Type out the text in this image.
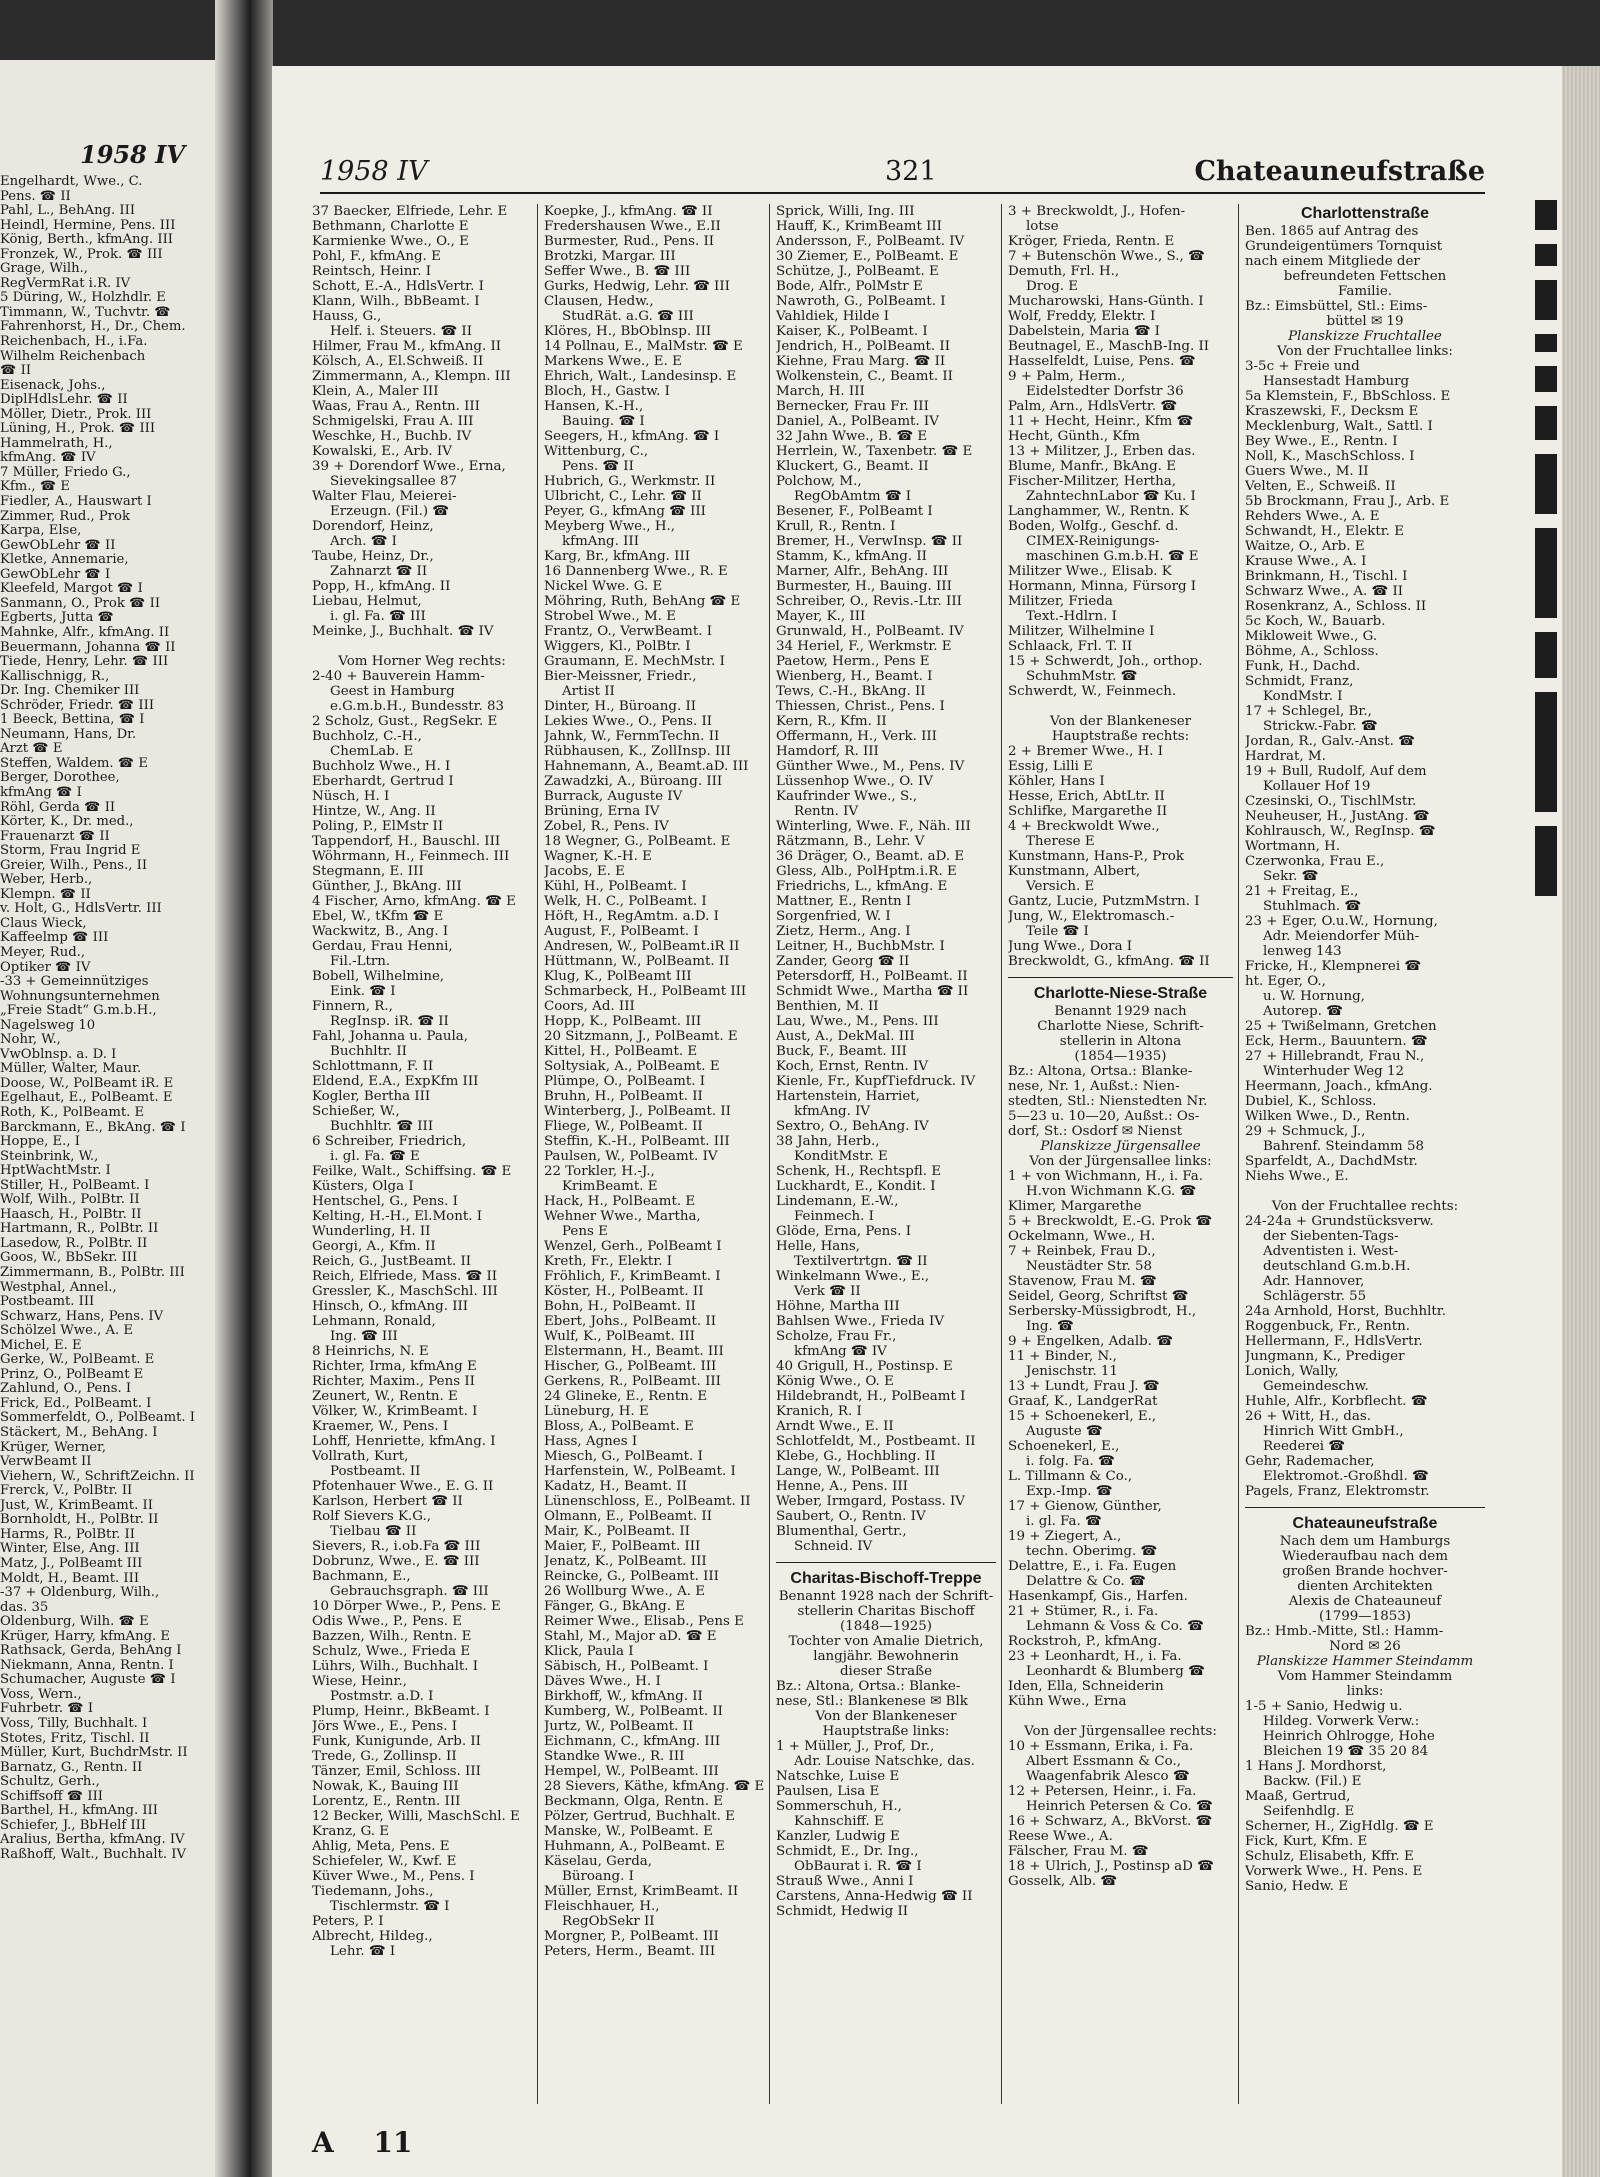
1958 IV
Engelhardt, Wwe., C.
Pens. ☎ II
Pahl, L., BehAng. III
Heindl, Hermine, Pens. III
König, Berth., kfmAng. III
Fronzek, W., Prok. ☎ III
Grage, Wilh.,
RegVermRat i.R. IV
5 Düring, W., Holzhdlr. E
Timmann, W., Tuchvtr. ☎
Fahrenhorst, H., Dr., Chem.
Reichenbach, H., i.Fa.
Wilhelm Reichenbach
☎ II
Eisenack, Johs.,
DiplHdlsLehr. ☎ II
Möller, Dietr., Prok. III
Lüning, H., Prok. ☎ III
Hammelrath, H.,
kfmAng. ☎ IV
7 Müller, Friedo G.,
Kfm., ☎ E
Fiedler, A., Hauswart I
Zimmer, Rud., Prok
Karpa, Else,
GewObLehr ☎ II
Kletke, Annemarie,
GewObLehr ☎ I
Kleefeld, Margot ☎ I
Sanmann, O., Prok ☎ II
Egberts, Jutta ☎
Mahnke, Alfr., kfmAng. II
Beuermann, Johanna ☎ II
Tiede, Henry, Lehr. ☎ III
Kallischnigg, R.,
Dr. Ing. Chemiker III
Schröder, Friedr. ☎ III
1 Beeck, Bettina, ☎ I
Neumann, Hans, Dr.
Arzt ☎ E
Steffen, Waldem. ☎ E
Berger, Dorothee,
kfmAng ☎ I
Röhl, Gerda ☎ II
Körter, K., Dr. med.,
Frauenarzt ☎ II
Storm, Frau Ingrid E
Greier, Wilh., Pens., II
Weber, Herb.,
Klempn. ☎ II
v. Holt, G., HdlsVertr. III
Claus Wieck,
Kaffeelmp ☎ III
Meyer, Rud.,
Optiker ☎ IV
-33 + Gemeinnütziges
Wohnungsunternehmen
„Freie Stadt“ G.m.b.H.,
Nagelsweg 10
Nohr, W.,
VwOblnsp. a. D. I
Müller, Walter, Maur.
Doose, W., PolBeamt iR. E
Egelhaut, E., PolBeamt. E
Roth, K., PolBeamt. E
Barckmann, E., BkAng. ☎ I
Hoppe, E., I
Steinbrink, W.,
HptWachtMstr. I
Stiller, H., PolBeamt. I
Wolf, Wilh., PolBtr. II
Haasch, H., PolBtr. II
Hartmann, R., PolBtr. II
Lasedow, R., PolBtr. II
Goos, W., BbSekr. III
Zimmermann, B., PolBtr. III
Westphal, Annel.,
Postbeamt. III
Schwarz, Hans, Pens. IV
Schölzel Wwe., A. E
Michel, E. E
Gerke, W., PolBeamt. E
Prinz, O., PolBeamt E
Zahlund, O., Pens. I
Frick, Ed., PolBeamt. I
Sommerfeldt, O., PolBeamt. I
Stäckert, M., BehAng. I
Krüger, Werner,
VerwBeamt II
Viehern, W., SchriftZeichn. II
Frerck, V., PolBtr. II
Just, W., KrimBeamt. II
Bornholdt, H., PolBtr. II
Harms, R., PolBtr. II
Winter, Else, Ang. III
Matz, J., PolBeamt III
Moldt, H., Beamt. III
-37 + Oldenburg, Wilh.,
das. 35
Oldenburg, Wilh. ☎ E
Krüger, Harry, kfmAng. E
Rathsack, Gerda, BehAng I
Niekmann, Anna, Rentn. I
Schumacher, Auguste ☎ I
Voss, Wern.,
Fuhrbetr. ☎ I
Voss, Tilly, Buchhalt. I
Stotes, Fritz, Tischl. II
Müller, Kurt, BuchdrMstr. II
Barnatz, G., Rentn. II
Schultz, Gerh.,
Schiffsoff ☎ III
Barthel, H., kfmAng. III
Schiefer, J., BbHelf III
Aralius, Bertha, kfmAng. IV
Raßhoff, Walt., Buchhalt. IV
1958 IV	321	Chateauneufstraße
37 Baecker, Elfriede, Lehr. E
Bethmann, Charlotte E
Karmienke Wwe., O., E
Pohl, F., kfmAng. E
Reintsch, Heinr. I
Schott, E.-A., HdlsVertr. I
Klann, Wilh., BbBeamt. I
Hauss, G.,
Helf. i. Steuers. ☎ II
Hilmer, Frau M., kfmAng. II
Kölsch, A., El.Schweiß. II
Zimmermann, A., Klempn. III
Klein, A., Maler III
Waas, Frau A., Rentn. III
Schmigelski, Frau A. III
Weschke, H., Buchb. IV
Kowalski, E., Arb. IV
39 + Dorendorf Wwe., Erna,
Sievekingsallee 87
Walter Flau, Meierei-
Erzeugn. (Fil.) ☎
Dorendorf, Heinz,
Arch. ☎ I
Taube, Heinz, Dr.,
Zahnarzt ☎ II
Popp, H., kfmAng. II
Liebau, Helmut,
i. gl. Fa. ☎ III
Meinke, J., Buchhalt. ☎ IV
Vom Horner Weg rechts:
2-40 + Bauverein Hamm-
Geest in Hamburg
e.G.m.b.H., Bundesstr. 83
2 Scholz, Gust., RegSekr. E
Buchholz, C.-H.,
ChemLab. E
Buchholz Wwe., H. I
Eberhardt, Gertrud I
Nüsch, H. I
Hintze, W., Ang. II
Poling, P., ElMstr II
Tappendorf, H., Bauschl. III
Wöhrmann, H., Feinmech. III
Stegmann, E. III
Günther, J., BkAng. III
4 Fischer, Arno, kfmAng. ☎ E
Ebel, W., tKfm ☎ E
Wackwitz, B., Ang. I
Gerdau, Frau Henni,
Fil.-Ltrn.
Bobell, Wilhelmine,
Eink. ☎ I
Finnern, R.,
RegInsp. iR. ☎ II
Fahl, Johanna u. Paula,
Buchhltr. II
Schlottmann, F. II
Eldend, E.A., ExpKfm III
Kogler, Bertha III
Schießer, W.,
Buchhltr. ☎ III
6 Schreiber, Friedrich,
i. gl. Fa. ☎ E
Feilke, Walt., Schiffsing. ☎ E
Küsters, Olga I
Hentschel, G., Pens. I
Kelting, H.-H., El.Mont. I
Wunderling, H. II
Georgi, A., Kfm. II
Reich, G., JustBeamt. II
Reich, Elfriede, Mass. ☎ II
Gressler, K., MaschSchl. III
Hinsch, O., kfmAng. III
Lehmann, Ronald,
Ing. ☎ III
8 Heinrichs, N. E
Richter, Irma, kfmAng E
Richter, Maxim., Pens II
Zeunert, W., Rentn. E
Völker, W., KrimBeamt. I
Kraemer, W., Pens. I
Lohff, Henriette, kfmAng. I
Vollrath, Kurt,
Postbeamt. II
Pfotenhauer Wwe., E. G. II
Karlson, Herbert ☎ II
Rolf Sievers K.G.,
Tielbau ☎ II
Sievers, R., i.ob.Fa ☎ III
Dobrunz, Wwe., E. ☎ III
Bachmann, E.,
Gebrauchsgraph. ☎ III
10 Dörper Wwe., P., Pens. E
Odis Wwe., P., Pens. E
Bazzen, Wilh., Rentn. E
Schulz, Wwe., Frieda E
Lührs, Wilh., Buchhalt. I
Wiese, Heinr.,
Postmstr. a.D. I
Plump, Heinr., BkBeamt. I
Jörs Wwe., E., Pens. I
Funk, Kunigunde, Arb. II
Trede, G., Zollinsp. II
Tänzer, Emil, Schloss. III
Nowak, K., Bauing III
Lorentz, E., Rentn. III
12 Becker, Willi, MaschSchl. E
Kranz, G. E
Ahlig, Meta, Pens. E
Schiefeler, W., Kwf. E
Küver Wwe., M., Pens. I
Tiedemann, Johs.,
Tischlermstr. ☎ I
Peters, P. I
Albrecht, Hildeg.,
Lehr. ☎ I
Koepke, J., kfmAng. ☎ II
Fredershausen Wwe., E.II
Burmester, Rud., Pens. II
Brotzki, Margar. III
Seffer Wwe., B. ☎ III
Gurks, Hedwig, Lehr. ☎ III
Clausen, Hedw.,
StudRät. a.G. ☎ III
Klöres, H., BbOblnsp. III
14 Pollnau, E., MalMstr. ☎ E
Markens Wwe., E. E
Ehrich, Walt., Landesinsp. E
Bloch, H., Gastw. I
Hansen, K.-H.,
Bauing. ☎ I
Seegers, H., kfmAng. ☎ I
Wittenburg, C.,
Pens. ☎ II
Hubrich, G., Werkmstr. II
Ulbricht, C., Lehr. ☎ II
Peyer, G., kfmAng ☎ III
Meyberg Wwe., H.,
kfmAng. III
Karg, Br., kfmAng. III
16 Dannenberg Wwe., R. E
Nickel Wwe. G. E
Möhring, Ruth, BehAng ☎ E
Strobel Wwe., M. E
Frantz, O., VerwBeamt. I
Wiggers, Kl., PolBtr. I
Graumann, E. MechMstr. I
Bier-Meissner, Friedr.,
Artist II
Dinter, H., Büroang. II
Lekies Wwe., O., Pens. II
Jahnk, W., FernmTechn. II
Rübhausen, K., ZollInsp. III
Hahnemann, A., Beamt.aD. III
Zawadzki, A., Büroang. III
Burrack, Auguste IV
Brüning, Erna IV
Zobel, R., Pens. IV
18 Wegner, G., PolBeamt. E
Wagner, K.-H. E
Jacobs, E. E
Kühl, H., PolBeamt. I
Welk, H. C., PolBeamt. I
Höft, H., RegAmtm. a.D. I
August, F., PolBeamt. I
Andresen, W., PolBeamt.iR II
Hüttmann, W., PolBeamt. II
Klug, K., PolBeamt III
Schmarbeck, H., PolBeamt III
Coors, Ad. III
Hopp, K., PolBeamt. III
20 Sitzmann, J., PolBeamt. E
Kittel, H., PolBeamt. E
Soltysiak, A., PolBeamt. E
Plümpe, O., PolBeamt. I
Bruhn, H., PolBeamt. II
Winterberg, J., PolBeamt. II
Fliege, W., PolBeamt. II
Steffin, K.-H., PolBeamt. III
Paulsen, W., PolBeamt. IV
22 Torkler, H.-J.,
KrimBeamt. E
Hack, H., PolBeamt. E
Wehner Wwe., Martha,
Pens E
Wenzel, Gerh., PolBeamt I
Kreth, Fr., Elektr. I
Fröhlich, F., KrimBeamt. I
Köster, H., PolBeamt. II
Bohn, H., PolBeamt. II
Ebert, Johs., PolBeamt. II
Wulf, K., PolBeamt. III
Elstermann, H., Beamt. III
Hischer, G., PolBeamt. III
Gerkens, R., PolBeamt. III
24 Glineke, E., Rentn. E
Lüneburg, H. E
Bloss, A., PolBeamt. E
Hass, Agnes I
Miesch, G., PolBeamt. I
Harfenstein, W., PolBeamt. I
Kadatz, H., Beamt. II
Lünenschloss, E., PolBeamt. II
Olmann, E., PolBeamt. II
Mair, K., PolBeamt. II
Maier, F., PolBeamt. III
Jenatz, K., PolBeamt. III
Reincke, G., PolBeamt. III
26 Wollburg Wwe., A. E
Fänger, G., BkAng. E
Reimer Wwe., Elisab., Pens E
Stahl, M., Major aD. ☎ E
Klick, Paula I
Säbisch, H., PolBeamt. I
Däves Wwe., H. I
Birkhoff, W., kfmAng. II
Kumberg, W., PolBeamt. II
Jurtz, W., PolBeamt. II
Eichmann, C., kfmAng. III
Standke Wwe., R. III
Hempel, W., PolBeamt. III
28 Sievers, Käthe, kfmAng. ☎ E
Beckmann, Olga, Rentn. E
Pölzer, Gertrud, Buchhalt. E
Manske, W., PolBeamt. E
Huhmann, A., PolBeamt. E
Käselau, Gerda,
Büroang. I
Müller, Ernst, KrimBeamt. II
Fleischhauer, H.,
RegObSekr II
Morgner, P., PolBeamt. III
Peters, Herm., Beamt. III
Sprick, Willi, Ing. III
Hauff, K., KrimBeamt III
Andersson, F., PolBeamt. IV
30 Ziemer, E., PolBeamt. E
Schütze, J., PolBeamt. E
Bode, Alfr., PolMstr E
Nawroth, G., PolBeamt. I
Vahldiek, Hilde I
Kaiser, K., PolBeamt. I
Jendrich, H., PolBeamt. II
Kiehne, Frau Marg. ☎ II
Wolkenstein, C., Beamt. II
March, H. III
Bernecker, Frau Fr. III
Daniel, A., PolBeamt. IV
32 Jahn Wwe., B. ☎ E
Herrlein, W., Taxenbetr. ☎ E
Kluckert, G., Beamt. II
Polchow, M.,
RegObAmtm ☎ I
Besener, F., PolBeamt I
Krull, R., Rentn. I
Bremer, H., VerwInsp. ☎ II
Stamm, K., kfmAng. II
Marner, Alfr., BehAng. III
Burmester, H., Bauing. III
Schreiber, O., Revis.-Ltr. III
Mayer, K., III
Grunwald, H., PolBeamt. IV
34 Heriel, F., Werkmstr. E
Paetow, Herm., Pens E
Wienberg, H., Beamt. I
Tews, C.-H., BkAng. II
Thiessen, Christ., Pens. I
Kern, R., Kfm. II
Offermann, H., Verk. III
Hamdorf, R. III
Günther Wwe., M., Pens. IV
Lüssenhop Wwe., O. IV
Kaufrinder Wwe., S.,
Rentn. IV
Winterling, Wwe. F., Näh. III
Rätzmann, B., Lehr. V
36 Dräger, O., Beamt. aD. E
Gless, Alb., PolHptm.i.R. E
Friedrichs, L., kfmAng. E
Mattner, E., Rentn I
Sorgenfried, W. I
Zietz, Herm., Ang. I
Leitner, H., BuchbMstr. I
Zander, Georg ☎ II
Petersdorff, H., PolBeamt. II
Schmidt Wwe., Martha ☎ II
Benthien, M. II
Lau, Wwe., M., Pens. III
Aust, A., DekMal. III
Buck, F., Beamt. III
Koch, Ernst, Rentn. IV
Kienle, Fr., KupfTiefdruck. IV
Hartenstein, Harriet,
kfmAng. IV
Sextro, O., BehAng. IV
38 Jahn, Herb.,
KonditMstr. E
Schenk, H., Rechtspfl. E
Luckhardt, E., Kondit. I
Lindemann, E.-W.,
Feinmech. I
Glöde, Erna, Pens. I
Helle, Hans,
Textilvertrtgn. ☎ II
Winkelmann Wwe., E.,
Verk ☎ II
Höhne, Martha III
Bahlsen Wwe., Frieda IV
Scholze, Frau Fr.,
kfmAng ☎ IV
40 Grigull, H., Postinsp. E
König Wwe., O. E
Hildebrandt, H., PolBeamt I
Kranich, R. I
Arndt Wwe., E. II
Schlotfeldt, M., Postbeamt. II
Klebe, G., Hochbling. II
Lange, W., PolBeamt. III
Henne, A., Pens. III
Weber, Irmgard, Postass. IV
Saubert, O., Rentn. IV
Blumenthal, Gertr.,
Schneid. IV
Charitas-Bischoff-Treppe
Benannt 1928 nach der Schrift-
stellerin Charitas Bischoff
(1848—1925)
Tochter von Amalie Dietrich,
langjähr. Bewohnerin
dieser Straße
Bz.: Altona, Ortsa.: Blanke-
nese, Stl.: Blankenese ✉ Blk
Von der Blankeneser
Hauptstraße links:
1 + Müller, J., Prof, Dr.,
Adr. Louise Natschke, das.
Natschke, Luise E
Paulsen, Lisa E
Sommerschuh, H.,
Kahnschiff. E
Kanzler, Ludwig E
Schmidt, E., Dr. Ing.,
ObBaurat i. R. ☎ I
Strauß Wwe., Anni I
Carstens, Anna-Hedwig ☎ II
Schmidt, Hedwig II
3 + Breckwoldt, J., Hofen-
lotse
Kröger, Frieda, Rentn. E
7 + Butenschön Wwe., S., ☎
Demuth, Frl. H.,
Drog. E
Mucharowski, Hans-Günth. I
Wolf, Freddy, Elektr. I
Dabelstein, Maria ☎ I
Beutnagel, E., MaschB-Ing. II
Hasselfeldt, Luise, Pens. ☎
9 + Palm, Herm.,
Eidelstedter Dorfstr 36
Palm, Arn., HdlsVertr. ☎
11 + Hecht, Heinr., Kfm ☎
Hecht, Günth., Kfm
13 + Militzer, J., Erben das.
Blume, Manfr., BkAng. E
Fischer-Militzer, Hertha,
ZahntechnLabor ☎ Ku. I
Langhammer, W., Rentn. K
Boden, Wolfg., Geschf. d.
CIMEX-Reinigungs-
maschinen G.m.b.H. ☎ E
Militzer Wwe., Elisab. K
Hormann, Minna, Fürsorg I
Militzer, Frieda
Text.-Hdlrn. I
Militzer, Wilhelmine I
Schlaack, Frl. T. II
15 + Schwerdt, Joh., orthop.
SchuhmMstr. ☎
Schwerdt, W., Feinmech.
Von der Blankeneser
Hauptstraße rechts:
2 + Bremer Wwe., H. I
Essig, Lilli E
Köhler, Hans I
Hesse, Erich, AbtLtr. II
Schlifke, Margarethe II
4 + Breckwoldt Wwe.,
Therese E
Kunstmann, Hans-P., Prok
Kunstmann, Albert,
Versich. E
Gantz, Lucie, PutzmMstrn. I
Jung, W., Elektromasch.-
Teile ☎ I
Jung Wwe., Dora I
Breckwoldt, G., kfmAng. ☎ II
Charlotte-Niese-Straße
Benannt 1929 nach
Charlotte Niese, Schrift-
stellerin in Altona
(1854—1935)
Bz.: Altona, Ortsa.: Blanke-
nese, Nr. 1, Außst.: Nien-
stedten, Stl.: Nienstedten Nr.
5—23 u. 10—20, Außst.: Os-
dorf, St.: Osdorf ✉ Nienst
Planskizze Jürgensallee
Von der Jürgensallee links:
1 + von Wichmann, H., i. Fa.
H.von Wichmann K.G. ☎
Klimer, Margarethe
5 + Breckwoldt, E.-G. Prok ☎
Ockelmann, Wwe., H.
7 + Reinbek, Frau D.,
Neustädter Str. 58
Stavenow, Frau M. ☎
Seidel, Georg, Schriftst ☎
Serbersky-Müssigbrodt, H.,
Ing. ☎
9 + Engelken, Adalb. ☎
11 + Binder, N.,
Jenischstr. 11
13 + Lundt, Frau J. ☎
Graaf, K., LandgerRat
15 + Schoenekerl, E.,
Auguste ☎
Schoenekerl, E.,
i. folg. Fa. ☎
L. Tillmann & Co.,
Exp.-Imp. ☎
17 + Gienow, Günther,
i. gl. Fa. ☎
19 + Ziegert, A.,
techn. Oberimg. ☎
Delattre, E., i. Fa. Eugen
Delattre & Co. ☎
Hasenkampf, Gis., Harfen.
21 + Stümer, R., i. Fa.
Lehmann & Voss & Co. ☎
Rockstroh, P., kfmAng.
23 + Leonhardt, H., i. Fa.
Leonhardt & Blumberg ☎
Iden, Ella, Schneiderin
Kühn Wwe., Erna
Von der Jürgensallee rechts:
10 + Essmann, Erika, i. Fa.
Albert Essmann & Co.,
Waagenfabrik Alesco ☎
12 + Petersen, Heinr., i. Fa.
Heinrich Petersen & Co. ☎
16 + Schwarz, A., BkVorst. ☎
Reese Wwe., A.
Fälscher, Frau M. ☎
18 + Ulrich, J., Postinsp aD ☎
Gosselk, Alb. ☎
Charlottenstraße
Ben. 1865 auf Antrag des
Grundeigentümers Tornquist
nach einem Mitgliede der
befreundeten Fettschen
Familie.
Bz.: Eimsbüttel, Stl.: Eims-
büttel ✉ 19
Planskizze Fruchtallee
Von der Fruchtallee links:
3-5c + Freie und
Hansestadt Hamburg
5a Klemstein, F., BbSchloss. E
Kraszewski, F., Decksm E
Mecklenburg, Walt., Sattl. I
Bey Wwe., E., Rentn. I
Noll, K., MaschSchloss. I
Guers Wwe., M. II
Velten, E., Schweiß. II
5b Brockmann, Frau J., Arb. E
Rehders Wwe., A. E
Schwandt, H., Elektr. E
Waitze, O., Arb. E
Krause Wwe., A. I
Brinkmann, H., Tischl. I
Schwarz Wwe., A. ☎ II
Rosenkranz, A., Schloss. II
5c Koch, W., Bauarb.
Mikloweit Wwe., G.
Böhme, A., Schloss.
Funk, H., Dachd.
Schmidt, Franz,
KondMstr. I
17 + Schlegel, Br.,
Strickw.-Fabr. ☎
Jordan, R., Galv.-Anst. ☎
Hardrat, M.
19 + Bull, Rudolf, Auf dem
Kollauer Hof 19
Czesinski, O., TischlMstr.
Neuheuser, H., JustAng. ☎
Kohlrausch, W., RegInsp. ☎
Wortmann, H.
Czerwonka, Frau E.,
Sekr. ☎
21 + Freitag, E.,
Stuhlmach. ☎
23 + Eger, O.u.W., Hornung,
Adr. Meiendorfer Müh-
lenweg 143
Fricke, H., Klempnerei ☎
ht. Eger, O.,
u. W. Hornung,
Autorep. ☎
25 + Twißelmann, Gretchen
Eck, Herm., Bauuntern. ☎
27 + Hillebrandt, Frau N.,
Winterhuder Weg 12
Heermann, Joach., kfmAng.
Dubiel, K., Schloss.
Wilken Wwe., D., Rentn.
29 + Schmuck, J.,
Bahrenf. Steindamm 58
Sparfeldt, A., DachdMstr.
Niehs Wwe., E.
Von der Fruchtallee rechts:
24-24a + Grundstücksverw.
der Siebenten-Tags-
Adventisten i. West-
deutschland G.m.b.H.
Adr. Hannover,
Schlägerstr. 55
24a Arnhold, Horst, Buchhltr.
Roggenbuck, Fr., Rentn.
Hellermann, F., HdlsVertr.
Jungmann, K., Prediger
Lonich, Wally,
Gemeindeschw.
Huhle, Alfr., Korbflecht. ☎
26 + Witt, H., das.
Hinrich Witt GmbH.,
Reederei ☎
Gehr, Rademacher,
Elektromot.-Großhdl. ☎
Pagels, Franz, Elektromstr.
Chateauneufstraße
Nach dem um Hamburgs
Wiederaufbau nach dem
großen Brande hochver-
dienten Architekten
Alexis de Chateauneuf
(1799—1853)
Bz.: Hmb.-Mitte, Stl.: Hamm-
Nord ✉ 26
Planskizze Hammer Steindamm
Vom Hammer Steindamm
links:
1-5 + Sanio, Hedwig u.
Hildeg. Vorwerk Verw.:
Heinrich Ohlrogge, Hohe
Bleichen 19 ☎ 35 20 84
1 Hans J. Mordhorst,
Backw. (Fil.) E
Maaß, Gertrud,
Seifenhdlg. E
Scherner, H., ZigHdlg. ☎ E
Fick, Kurt, Kfm. E
Schulz, Elisabeth, Kffr. E
Vorwerk Wwe., H. Pens. E
Sanio, Hedw. E
A 11
